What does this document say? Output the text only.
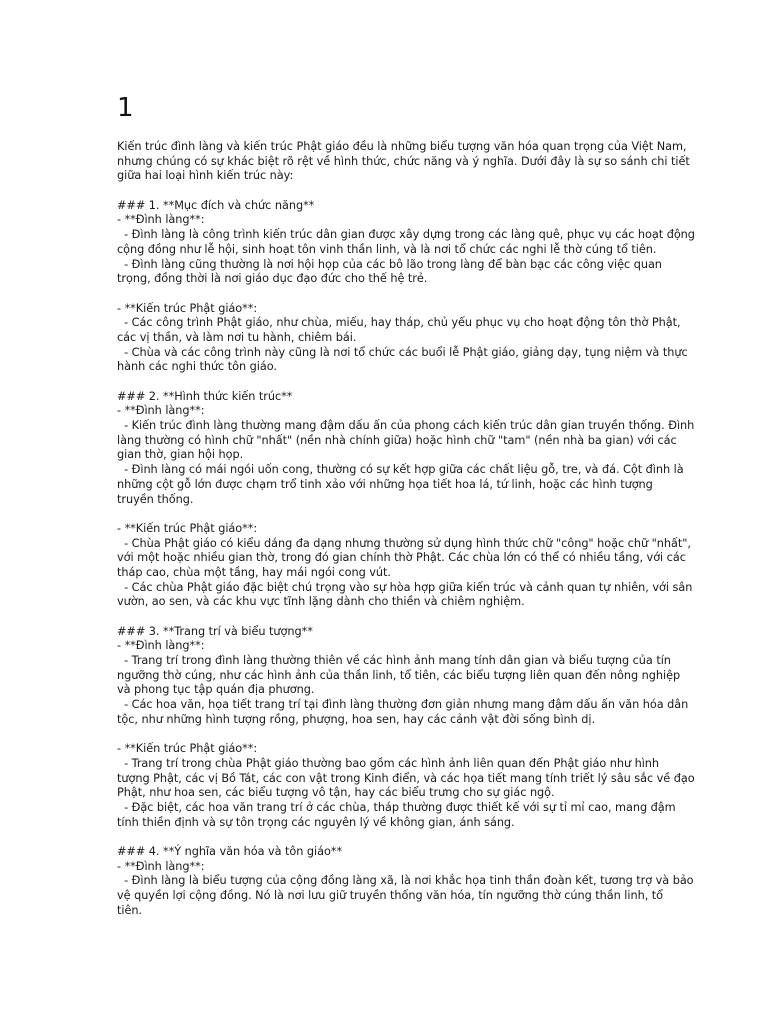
1
Kiến trúc đình làng và kiến trúc Phật giáo đều là những biểu tượng văn hóa quan trọng của Việt Nam,
nhưng chúng có sự khác biệt rõ rệt về hình thức, chức năng và ý nghĩa. Dưới đây là sự so sánh chi tiết
giữa hai loại hình kiến trúc này:
### 1. **Mục đích và chức năng**
- **Đình làng**:
- Đình làng là công trình kiến trúc dân gian được xây dựng trong các làng quê, phục vụ các hoạt động
cộng đồng như lễ hội, sinh hoạt tôn vinh thần linh, và là nơi tổ chức các nghi lễ thờ cúng tổ tiên.
- Đình làng cũng thường là nơi hội họp của các bô lão trong làng để bàn bạc các công việc quan
trọng, đồng thời là nơi giáo dục đạo đức cho thế hệ trẻ.
- **Kiến trúc Phật giáo**:
- Các công trình Phật giáo, như chùa, miếu, hay tháp, chủ yếu phục vụ cho hoạt động tôn thờ Phật,
các vị thần, và làm nơi tu hành, chiêm bái.
- Chùa và các công trình này cũng là nơi tổ chức các buổi lễ Phật giáo, giảng dạy, tụng niệm và thực
hành các nghi thức tôn giáo.
### 2. **Hình thức kiến trúc**
- **Đình làng**:
- Kiến trúc đình làng thường mang đậm dấu ấn của phong cách kiến trúc dân gian truyền thống. Đình
làng thường có hình chữ "nhất" (nền nhà chính giữa) hoặc hình chữ "tam" (nền nhà ba gian) với các
gian thờ, gian hội họp.
- Đình làng có mái ngói uốn cong, thường có sự kết hợp giữa các chất liệu gỗ, tre, và đá. Cột đình là
những cột gỗ lớn được chạm trổ tinh xảo với những họa tiết hoa lá, tứ linh, hoặc các hình tượng
truyền thống.
- **Kiến trúc Phật giáo**:
- Chùa Phật giáo có kiểu dáng đa dạng nhưng thường sử dụng hình thức chữ "công" hoặc chữ "nhất",
với một hoặc nhiều gian thờ, trong đó gian chính thờ Phật. Các chùa lớn có thể có nhiều tầng, với các
tháp cao, chùa một tầng, hay mái ngói cong vút.
- Các chùa Phật giáo đặc biệt chú trọng vào sự hòa hợp giữa kiến trúc và cảnh quan tự nhiên, với sân
vườn, ao sen, và các khu vực tĩnh lặng dành cho thiền và chiêm nghiệm.
### 3. **Trang trí và biểu tượng**
- **Đình làng**:
- Trang trí trong đình làng thường thiên về các hình ảnh mang tính dân gian và biểu tượng của tín
ngưỡng thờ cúng, như các hình ảnh của thần linh, tổ tiên, các biểu tượng liên quan đến nông nghiệp
và phong tục tập quán địa phương.
- Các hoa văn, họa tiết trang trí tại đình làng thường đơn giản nhưng mang đậm dấu ấn văn hóa dân
tộc, như những hình tượng rồng, phượng, hoa sen, hay các cảnh vật đời sống bình dị.
- **Kiến trúc Phật giáo**:
- Trang trí trong chùa Phật giáo thường bao gồm các hình ảnh liên quan đến Phật giáo như hình
tượng Phật, các vị Bồ Tát, các con vật trong Kinh điển, và các họa tiết mang tính triết lý sâu sắc về đạo
Phật, như hoa sen, các biểu tượng vô tận, hay các biểu trưng cho sự giác ngộ.
- Đặc biệt, các hoa văn trang trí ở các chùa, tháp thường được thiết kế với sự tỉ mỉ cao, mang đậm
tính thiền định và sự tôn trọng các nguyên lý về không gian, ánh sáng.
### 4. **Ý nghĩa văn hóa và tôn giáo**
- **Đình làng**:
- Đình làng là biểu tượng của cộng đồng làng xã, là nơi khắc họa tinh thần đoàn kết, tương trợ và bảo
vệ quyền lợi cộng đồng. Nó là nơi lưu giữ truyền thống văn hóa, tín ngưỡng thờ cúng thần linh, tổ
tiên.
